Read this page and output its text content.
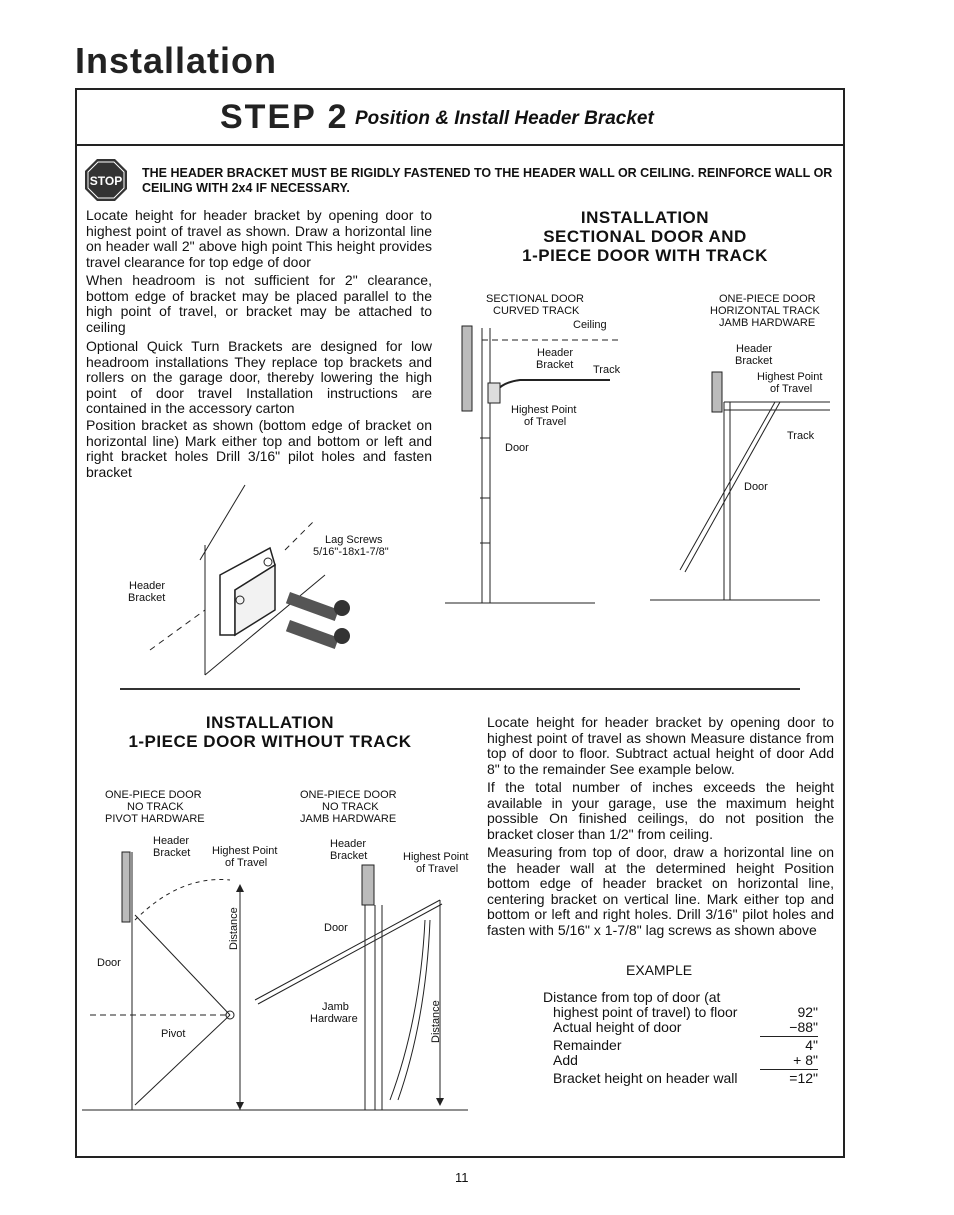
Installation
STEP 2 Position & Install Header Bracket
STOP
THE HEADER BRACKET MUST BE RIGIDLY FASTENED TO THE HEADER WALL OR CEILING. REINFORCE WALL OR CEILING WITH 2x4 IF NECESSARY.
Locate height for header bracket by opening door to highest point of travel as shown. Draw a horizontal line on header wall 2" above high point This height provides travel clearance for top edge of door
When headroom is not sufficient for 2" clearance, bottom edge of bracket may be placed parallel to the high point of travel, or bracket may be attached to ceiling
Optional Quick Turn Brackets are designed for low headroom installations They replace top brackets and rollers on the garage door, thereby lowering the high point of door travel Installation instructions are contained in the accessory carton
Position bracket as shown (bottom edge of bracket on horizontal line) Mark either top and bottom or left and right bracket holes Drill 3/16" pilot holes and fasten bracket
Lag Screws
5/16"-18x1-7/8"
Header
Bracket
INSTALLATION
SECTIONAL DOOR AND
1-PIECE DOOR WITH TRACK
SECTIONAL DOOR
CURVED TRACK
Ceiling
Header
Bracket Track
Highest Point
of Travel
Door
ONE-PIECE DOOR
HORIZONTAL TRACK
JAMB HARDWARE
Header
Bracket
Highest Point
of Travel
Track
Door
INSTALLATION
1-PIECE DOOR WITHOUT TRACK
ONE-PIECE DOOR
NO TRACK
PIVOT HARDWARE
Header
Bracket Highest Point
of Travel
Distance
Door
Pivot
ONE-PIECE DOOR
NO TRACK
JAMB HARDWARE
Header
Bracket	Highest Point
of Travel
Door
Jamb
Hardware	Distance
Locate height for header bracket by opening door to highest point of travel as shown Measure distance from top of door to floor. Subtract actual height of door Add 8" to the remainder See example below.
If the total number of inches exceeds the height available in your garage, use the maximum height possible On finished ceilings, do not position the bracket closer than 1/2" from ceiling.
Measuring from top of door, draw a horizontal line on the header wall at the determined height Position bottom edge of header bracket on horizontal line, centering bracket on vertical line. Mark either top and bottom or left and right holes. Drill 3/16" pilot holes and fasten with 5/16" x 1-7/8" lag screws as shown above
EXAMPLE
Distance from top of door (at
highest point of travel) to floor	92"
Actual height of door	−88"
Remainder	4"
Add	+ 8"
Bracket height on header wall	=12"
11
